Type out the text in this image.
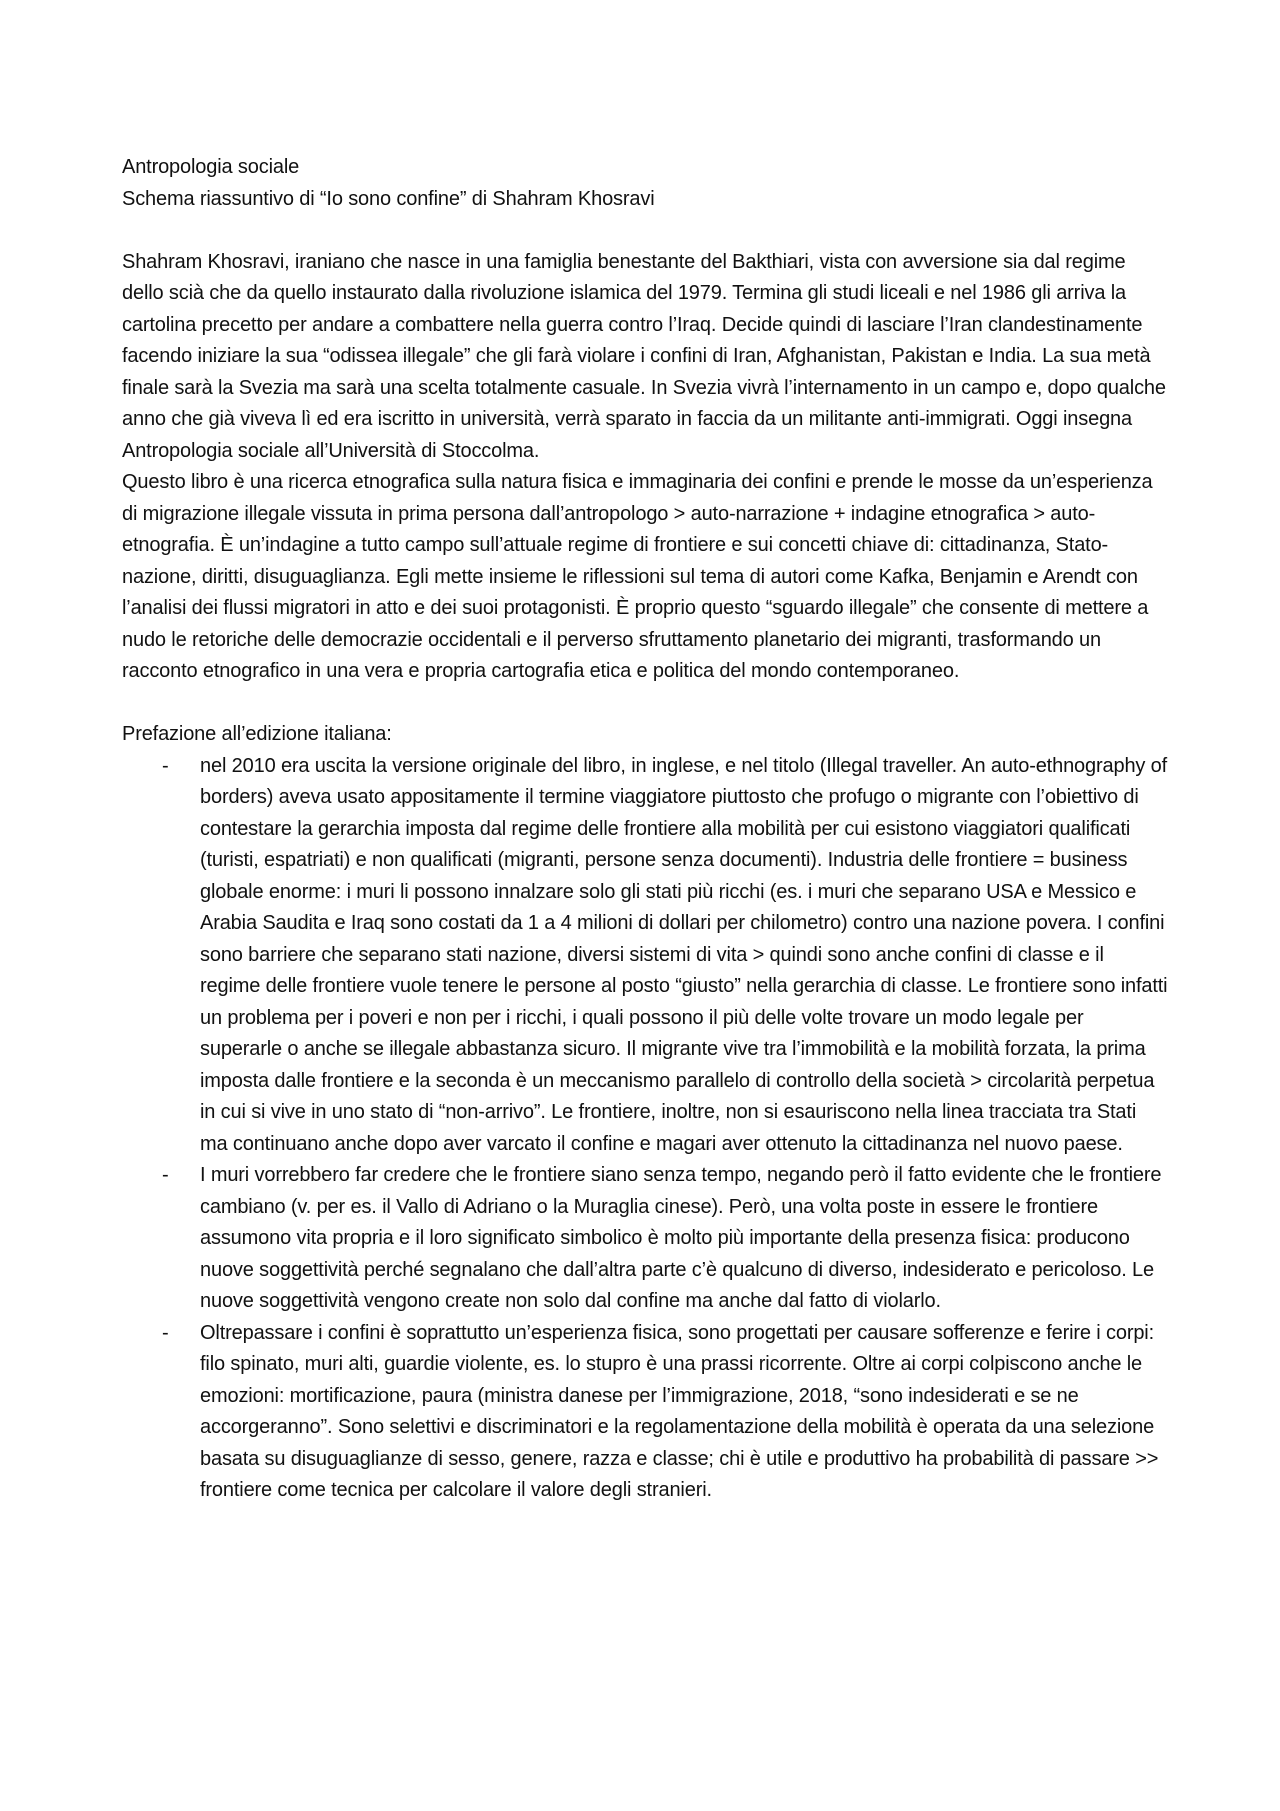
Antropologia sociale
Schema riassuntivo di “Io sono confine” di Shahram Khosravi

Shahram Khosravi, iraniano che nasce in una famiglia benestante del Bakthiari, vista con avversione sia dal regime dello scià che da quello instaurato dalla rivoluzione islamica del 1979. Termina gli studi liceali e nel 1986 gli arriva la cartolina precetto per andare a combattere nella guerra contro l’Iraq. Decide quindi di lasciare l’Iran clandestinamente facendo iniziare la sua “odissea illegale” che gli farà violare i confini di Iran, Afghanistan, Pakistan e India. La sua metà finale sarà la Svezia ma sarà una scelta totalmente casuale. In Svezia vivrà l’internamento in un campo e, dopo qualche anno che già viveva lì ed era iscritto in università, verrà sparato in faccia da un militante anti-immigrati. Oggi insegna Antropologia sociale all’Università di Stoccolma.

Questo libro è una ricerca etnografica sulla natura fisica e immaginaria dei confini e prende le mosse da un’esperienza di migrazione illegale vissuta in prima persona dall’antropologo > auto-narrazione + indagine etnografica > auto-etnografia. È un’indagine a tutto campo sull’attuale regime di frontiere e sui concetti chiave di: cittadinanza, Stato-nazione, diritti, disuguaglianza. Egli mette insieme le riflessioni sul tema di autori come Kafka, Benjamin e Arendt con l’analisi dei flussi migratori in atto e dei suoi protagonisti. È proprio questo “sguardo illegale” che consente di mettere a nudo le retoriche delle democrazie occidentali e il perverso sfruttamento planetario dei migranti, trasformando un racconto etnografico in una vera e propria cartografia etica e politica del mondo contemporaneo.

Prefazione all’edizione italiana:
- nel 2010 era uscita la versione originale del libro, in inglese, e nel titolo (Illegal traveller. An auto-ethnography of borders) aveva usato appositamente il termine viaggiatore piuttosto che profugo o migrante con l’obiettivo di contestare la gerarchia imposta dal regime delle frontiere alla mobilità per cui esistono viaggiatori qualificati (turisti, espatriati) e non qualificati (migranti, persone senza documenti). Industria delle frontiere = business globale enorme: i muri li possono innalzare solo gli stati più ricchi (es. i muri che separano USA e Messico e Arabia Saudita e Iraq sono costati da 1 a 4 milioni di dollari per chilometro) contro una nazione povera. I confini sono barriere che separano stati nazione, diversi sistemi di vita > quindi sono anche confini di classe e il regime delle frontiere vuole tenere le persone al posto “giusto” nella gerarchia di classe. Le frontiere sono infatti un problema per i poveri e non per i ricchi, i quali possono il più delle volte trovare un modo legale per superarle o anche se illegale abbastanza sicuro. Il migrante vive tra l’immobilità e la mobilità forzata, la prima imposta dalle frontiere e la seconda è un meccanismo parallelo di controllo della società > circolarità perpetua in cui si vive in uno stato di “non-arrivo”. Le frontiere, inoltre, non si esauriscono nella linea tracciata tra Stati ma continuano anche dopo aver varcato il confine e magari aver ottenuto la cittadinanza nel nuovo paese.
- I muri vorrebbero far credere che le frontiere siano senza tempo, negando però il fatto evidente che le frontiere cambiano (v. per es. il Vallo di Adriano o la Muraglia cinese). Però, una volta poste in essere le frontiere assumono vita propria e il loro significato simbolico è molto più importante della presenza fisica: producono nuove soggettività perché segnalano che dall’altra parte c’è qualcuno di diverso, indesiderato e pericoloso. Le nuove soggettività vengono create non solo dal confine ma anche dal fatto di violarlo.
- Oltrepassare i confini è soprattutto un’esperienza fisica, sono progettati per causare sofferenze e ferire i corpi: filo spinato, muri alti, guardie violente, es. lo stupro è una prassi ricorrente. Oltre ai corpi colpiscono anche le emozioni: mortificazione, paura (ministra danese per l’immigrazione, 2018, “sono indesiderati e se ne accorgeranno”. Sono selettivi e discriminatori e la regolamentazione della mobilità è operata da una selezione basata su disuguaglianze di sesso, genere, razza e classe; chi è utile e produttivo ha probabilità di passare >> frontiere come tecnica per calcolare il valore degli stranieri.
